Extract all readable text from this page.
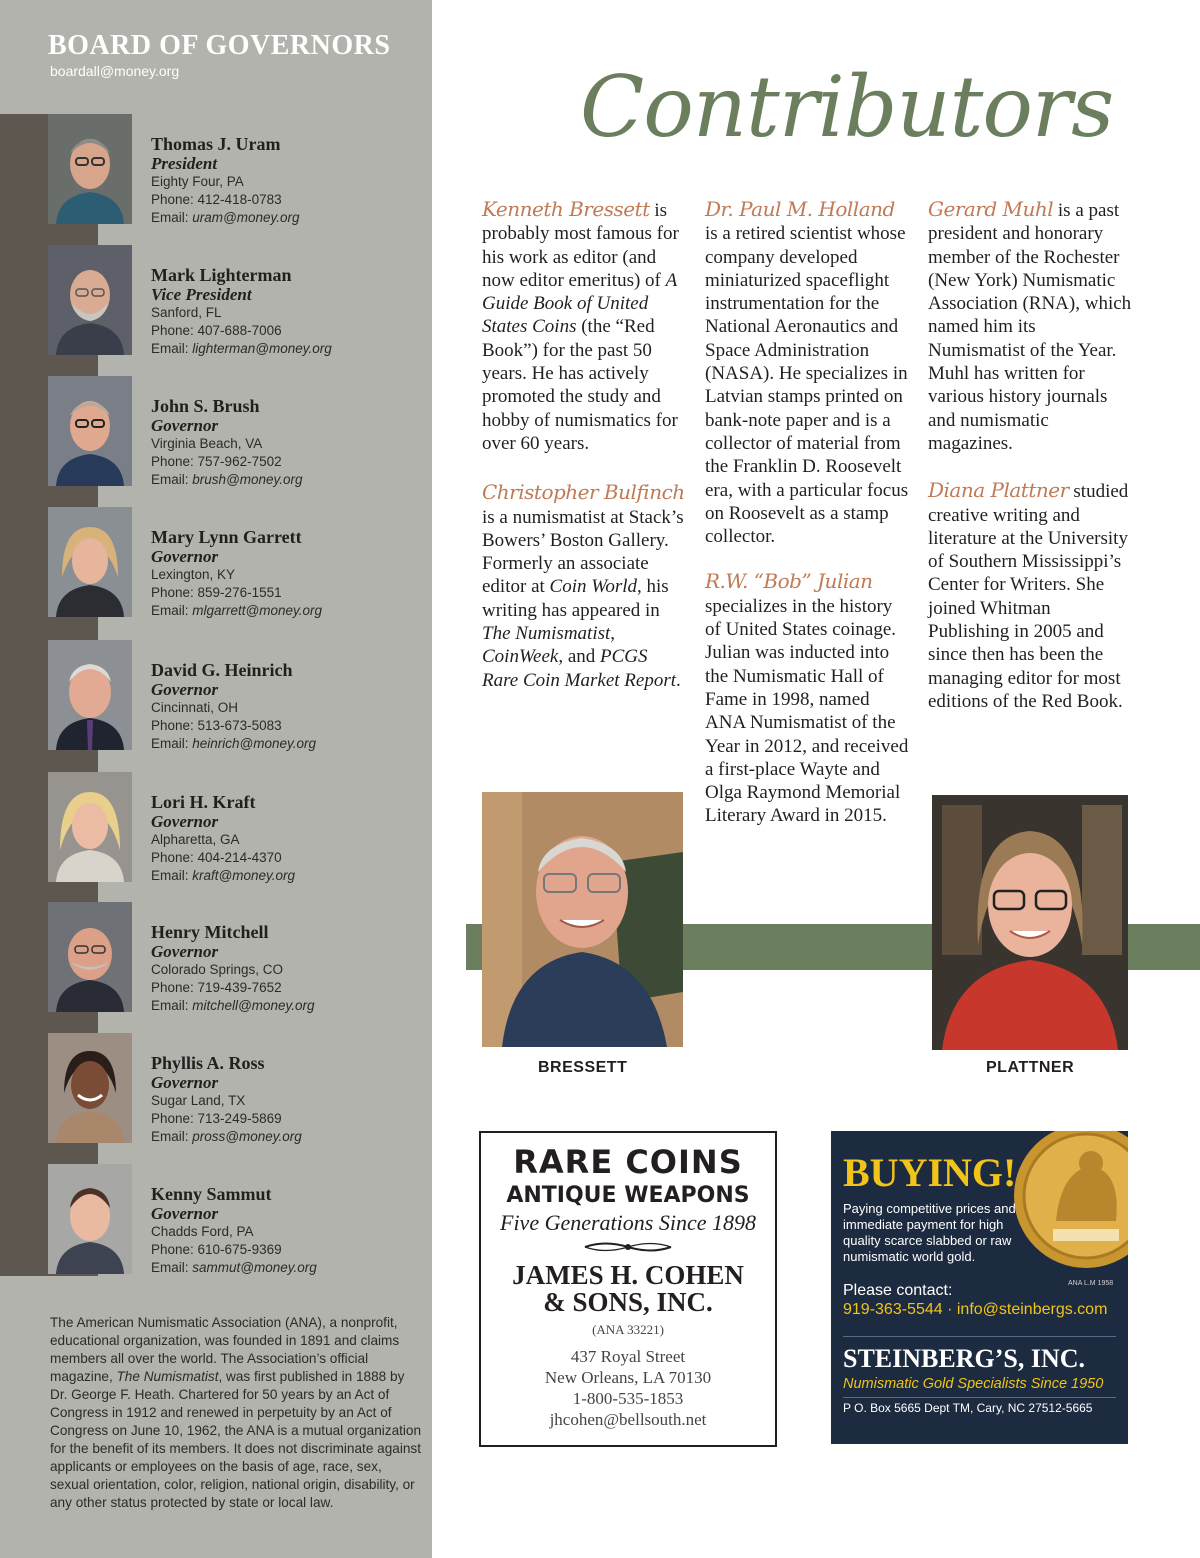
BOARD OF GOVERNORS
boardall@money.org
Thomas J. Uram
President
Eighty Four, PA
Phone: 412-418-0783
Email: uram@money.org
Mark Lighterman
Vice President
Sanford, FL
Phone: 407-688-7006
Email: lighterman@money.org
John S. Brush
Governor
Virginia Beach, VA
Phone: 757-962-7502
Email: brush@money.org
Mary Lynn Garrett
Governor
Lexington, KY
Phone: 859-276-1551
Email: mlgarrett@money.org
David G. Heinrich
Governor
Cincinnati, OH
Phone: 513-673-5083
Email: heinrich@money.org
Lori H. Kraft
Governor
Alpharetta, GA
Phone: 404-214-4370
Email: kraft@money.org
Henry Mitchell
Governor
Colorado Springs, CO
Phone: 719-439-7652
Email: mitchell@money.org
Phyllis A. Ross
Governor
Sugar Land, TX
Phone: 713-249-5869
Email: pross@money.org
Kenny Sammut
Governor
Chadds Ford, PA
Phone: 610-675-9369
Email: sammut@money.org
The American Numismatic Association (ANA), a nonprofit, educational organization, was founded in 1891 and claims members all over the world. The Association’s official magazine, The Numismatist, was first published in 1888 by Dr. George F. Heath. Chartered for 50 years by an Act of Congress in 1912 and renewed in perpetuity by an Act of Congress on June 10, 1962, the ANA is a mutual organization for the benefit of its members. It does not discriminate against applicants or employees on the basis of age, race, sex, sexual orientation, color, religion, national origin, disability, or any other status protected by state or local law.
Contributors

Kenneth Bressett is probably most famous for his work as editor (and now editor emeritus) of A Guide Book of United States Coins (the “Red Book”) for the past 50 years. He has actively promoted the study and hobby of numismatics for over 60 years.

Christopher Bulfinch is a numismatist at Stack’s Bowers’ Boston Gallery. Formerly an associate editor at Coin World, his writing has appeared in The Numismatist, CoinWeek, and PCGS Rare Coin Market Report.

Dr. Paul M. Holland is a retired scientist whose company developed miniaturized spaceflight instrumentation for the National Aeronautics and Space Administration (NASA). He specializes in Latvian stamps printed on bank-note paper and is a collector of material from the Franklin D. Roosevelt era, with a particular focus on Roosevelt as a stamp collector.

R.W. “Bob” Julian specializes in the history of United States coinage. Julian was inducted into the Numismatic Hall of Fame in 1998, named ANA Numismatist of the Year in 2012, and received a first-place Wayte and Olga Raymond Memorial Literary Award in 2015.

Gerard Muhl is a past president and honorary member of the Rochester (New York) Numismatic Association (RNA), which named him its Numismatist of the Year. Muhl has written for various history journals and numismatic magazines.

Diana Plattner studied creative writing and literature at the University of Southern Mississippi’s Center for Writers. She joined Whitman Publishing in 2005 and since then has been the managing editor for most editions of the Red Book.

BRESSETT	PLATTNER
RARE COINS
ANTIQUE WEAPONS
Five Generations Since 1898
JAMES H. COHEN
& SONS, INC.
(ANA 33221)
437 Royal Street
New Orleans, LA 70130
1-800-535-1853
jhcohen@bellsouth.net
BUYING!
Paying competitive prices and immediate payment for high quality scarce slabbed or raw numismatic world gold.
ANA L.M 1958
Please contact:
919-363-5544 · info@steinbergs.com
STEINBERG’S, INC.
Numismatic Gold Specialists Since 1950
P O. Box 5665 Dept TM, Cary, NC 27512-5665
